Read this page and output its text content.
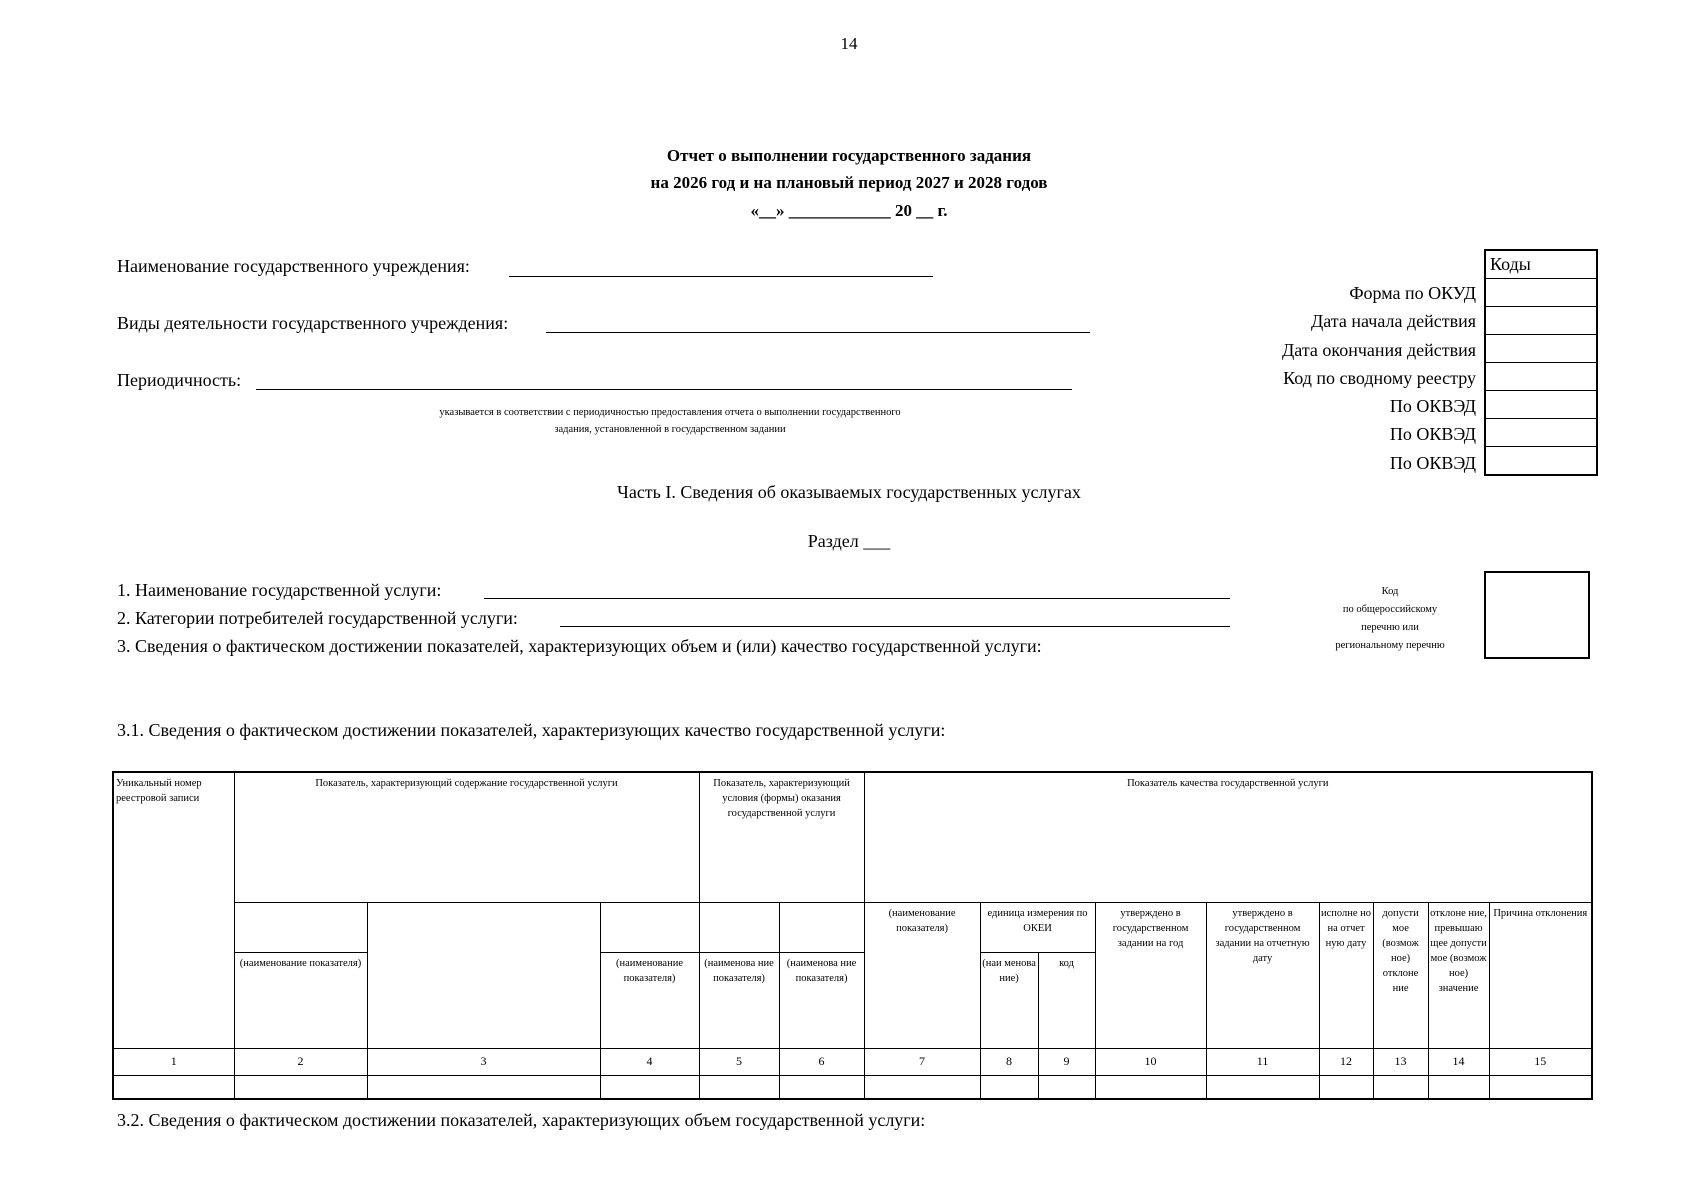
14
Отчет о выполнении государственного задания
на 2026 год и на плановый период 2027 и 2028 годов
«__» ____________ 20 __ г.
Наименование государственного учреждения:
Виды деятельности государственного учреждения:
Периодичность:
указывается в соответствии с периодичностью предоставления отчета о выполнении государственного
задания, установленной в государственном задании
Коды

Форма по ОКУД
Дата начала действия
Дата окончания действия
Код по сводному реестру
По ОКВЭД
По ОКВЭД
По ОКВЭД
Часть I. Сведения об оказываемых государственных услугах
Раздел ___
1. Наименование государственной услуги:
2. Категории потребителей государственной услуги:
3. Сведения о фактическом достижении показателей, характеризующих объем и (или) качество государственной услуги:
Код
по общероссийскому
перечню или
региональному перечню
3.1. Сведения о фактическом достижении показателей, характеризующих качество государственной услуги:
Уникальный номер реестровой записи	Показатель, характеризующий содержание государственной услуги			Показатель, характеризующий условия (формы) оказания государственной услуги		Показатель качества государственной услуги								
						(наименование показателя)	единица измерения по ОКЕИ		утверждено в государственном задании на год	утверждено в государственном задании на отчетную дату	исполне но на отчет ную дату	допусти мое (возмож ное) отклоне ние	отклоне ние, превышаю щее допусти мое (возмож ное) значение	Причина отклонения
	(наименование показателя)		(наименование показателя)	(наименова ние показателя)	(наименова ние показателя)		(наи менова ние)	код						
1	2	3	4	5	6	7	8	9	10	11	12	13	14	15

3.2. Сведения о фактическом достижении показателей, характеризующих объем государственной услуги:
